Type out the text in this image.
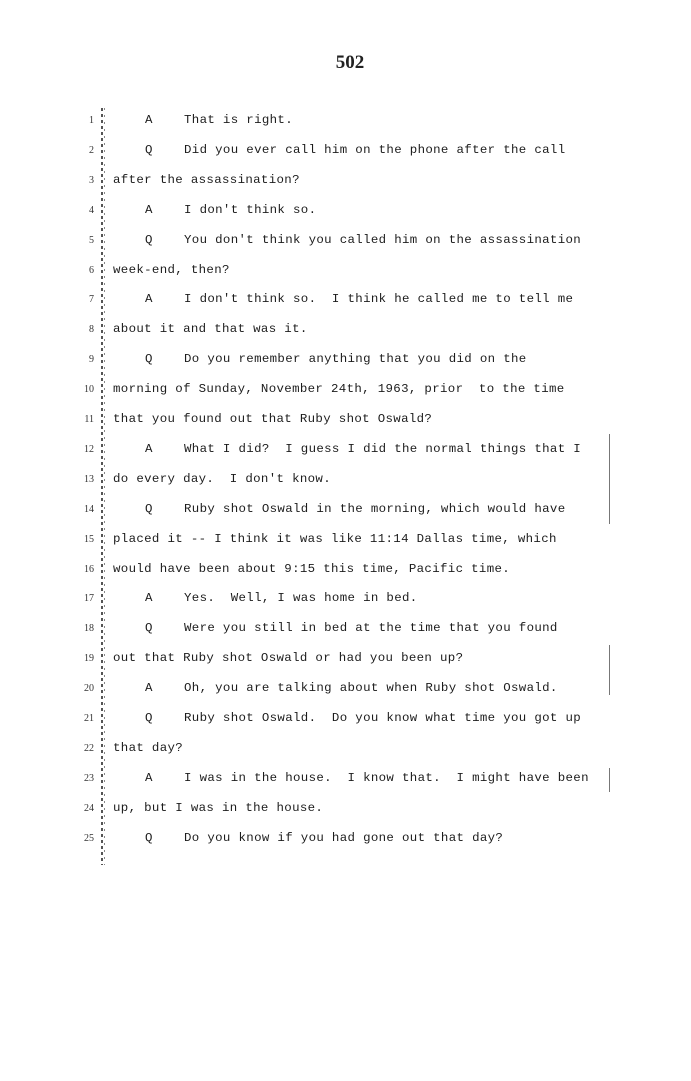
502
1	A	That is right.
2	Q	Did you ever call him on the phone after the call
3 after the assassination?
4	A	I don't think so.
5	Q	You don't think you called him on the assassination
6 week-end, then?
7	A	I don't think so.  I think he called me to tell me
8 about it and that was it.
9	Q	Do you remember anything that you did on the
10 morning of Sunday, November 24th, 1963, prior  to the time
11 that you found out that Ruby shot Oswald?
12	A	What I did?  I guess I did the normal things that I
13 do every day.  I don't know.
14	Q	Ruby shot Oswald in the morning, which would have
15 placed it -- I think it was like 11:14 Dallas time, which
16 would have been about 9:15 this time, Pacific time.
17	A	Yes.  Well, I was home in bed.
18	Q	Were you still in bed at the time that you found
19 out that Ruby shot Oswald or had you been up?
20	A	Oh, you are talking about when Ruby shot Oswald.
21	Q	Ruby shot Oswald.  Do you know what time you got up
22 that day?
23	A	I was in the house.  I know that.  I might have been
24 up, but I was in the house.
25	Q	Do you know if you had gone out that day?
